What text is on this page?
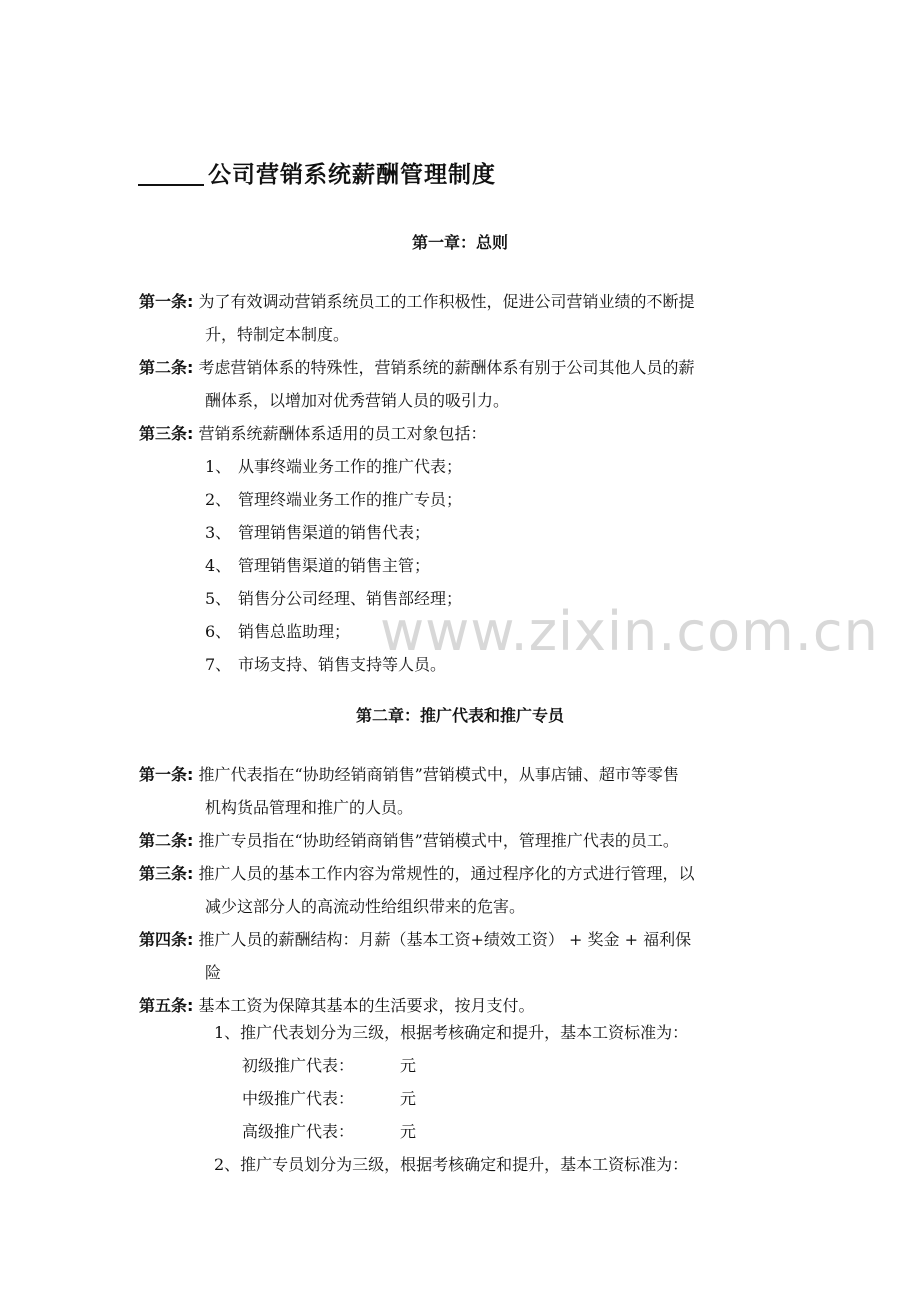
www.zixin.com.cn
公司营销系统薪酬管理制度
第一章：总则
第一条: 为了有效调动营销系统员工的工作积极性，促进公司营销业绩的不断提
升，特制定本制度。
第二条: 考虑营销体系的特殊性，营销系统的薪酬体系有别于公司其他人员的薪
酬体系，以增加对优秀营销人员的吸引力。
第三条: 营销系统薪酬体系适用的员工对象包括：
1、 从事终端业务工作的推广代表；
2、 管理终端业务工作的推广专员；
3、 管理销售渠道的销售代表；
4、 管理销售渠道的销售主管；
5、 销售分公司经理、销售部经理；
6、 销售总监助理；
7、 市场支持、销售支持等人员。
第二章：推广代表和推广专员
第一条: 推广代表指在“协助经销商销售”营销模式中，从事店铺、超市等零售
机构货品管理和推广的人员。
第二条: 推广专员指在“协助经销商销售”营销模式中，管理推广代表的员工。
第三条: 推广人员的基本工作内容为常规性的，通过程序化的方式进行管理，以
减少这部分人的高流动性给组织带来的危害。
第四条: 推广人员的薪酬结构：月薪（基本工资+绩效工资） + 奖金 + 福利保
险
第五条: 基本工资为保障其基本的生活要求，按月支付。
1、推广代表划分为三级，根据考核确定和提升，基本工资标准为：
初级推广代表：	元
中级推广代表：	元
高级推广代表：	元
2、推广专员划分为三级，根据考核确定和提升，基本工资标准为：
